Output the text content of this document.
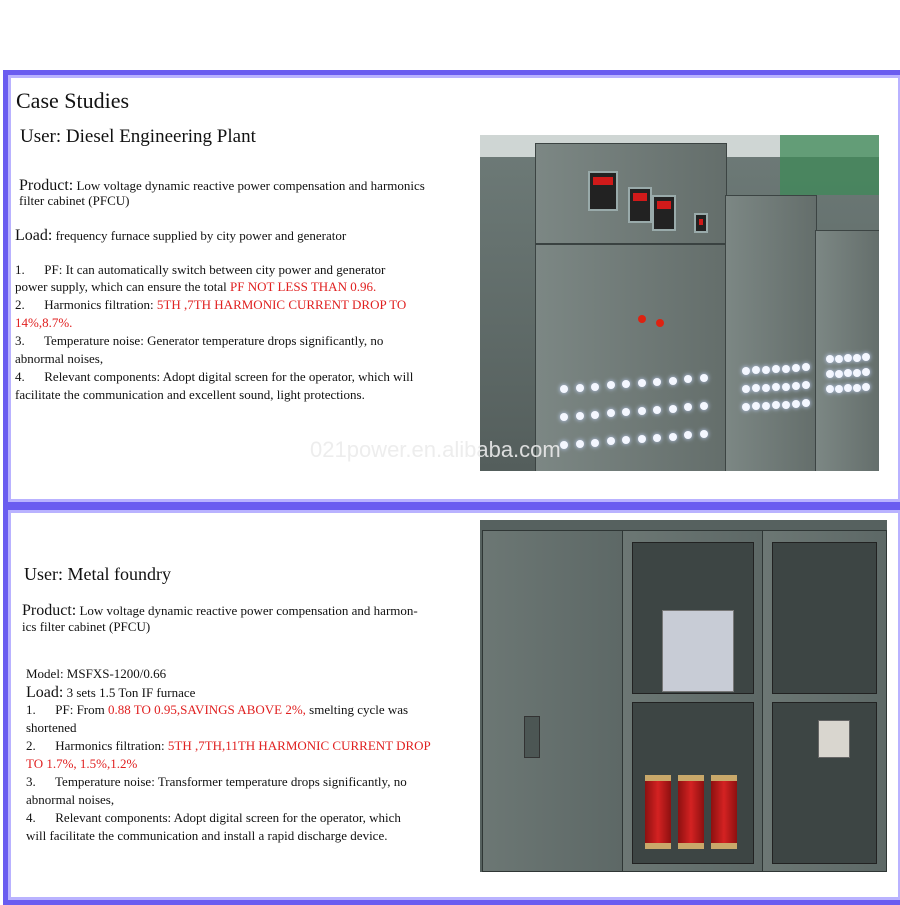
Case Studies
User: Diesel Engineering Plant
Product: Low voltage dynamic reactive power compensation and harmonics
filter cabinet (PFCU)
Load: frequency furnace supplied by city power and generator
1.      PF: It can automatically switch between city power and generator
power supply, which can ensure the total PF NOT LESS THAN 0.96.
2.      Harmonics filtration: 5TH ,7TH HARMONIC CURRENT DROP TO
14%,8.7%.
3.      Temperature noise: Generator temperature drops significantly, no
abnormal noises,
4.      Relevant components: Adopt digital screen for the operator, which will
facilitate the communication and excellent sound, light protections.
021power.en.alibaba.com
User: Metal foundry
Product: Low voltage dynamic reactive power compensation and harmon-
ics filter cabinet (PFCU)
Model: MSFXS-1200/0.66
Load: 3 sets 1.5 Ton IF furnace
1.      PF: From 0.88 TO 0.95,SAVINGS ABOVE 2%, smelting cycle was
shortened
2.      Harmonics filtration: 5TH ,7TH,11TH HARMONIC CURRENT DROP
TO 1.7%, 1.5%,1.2%
3.      Temperature noise: Transformer temperature drops significantly, no
abnormal noises,
4.      Relevant components: Adopt digital screen for the operator, which
will facilitate the communication and install a rapid discharge device.
